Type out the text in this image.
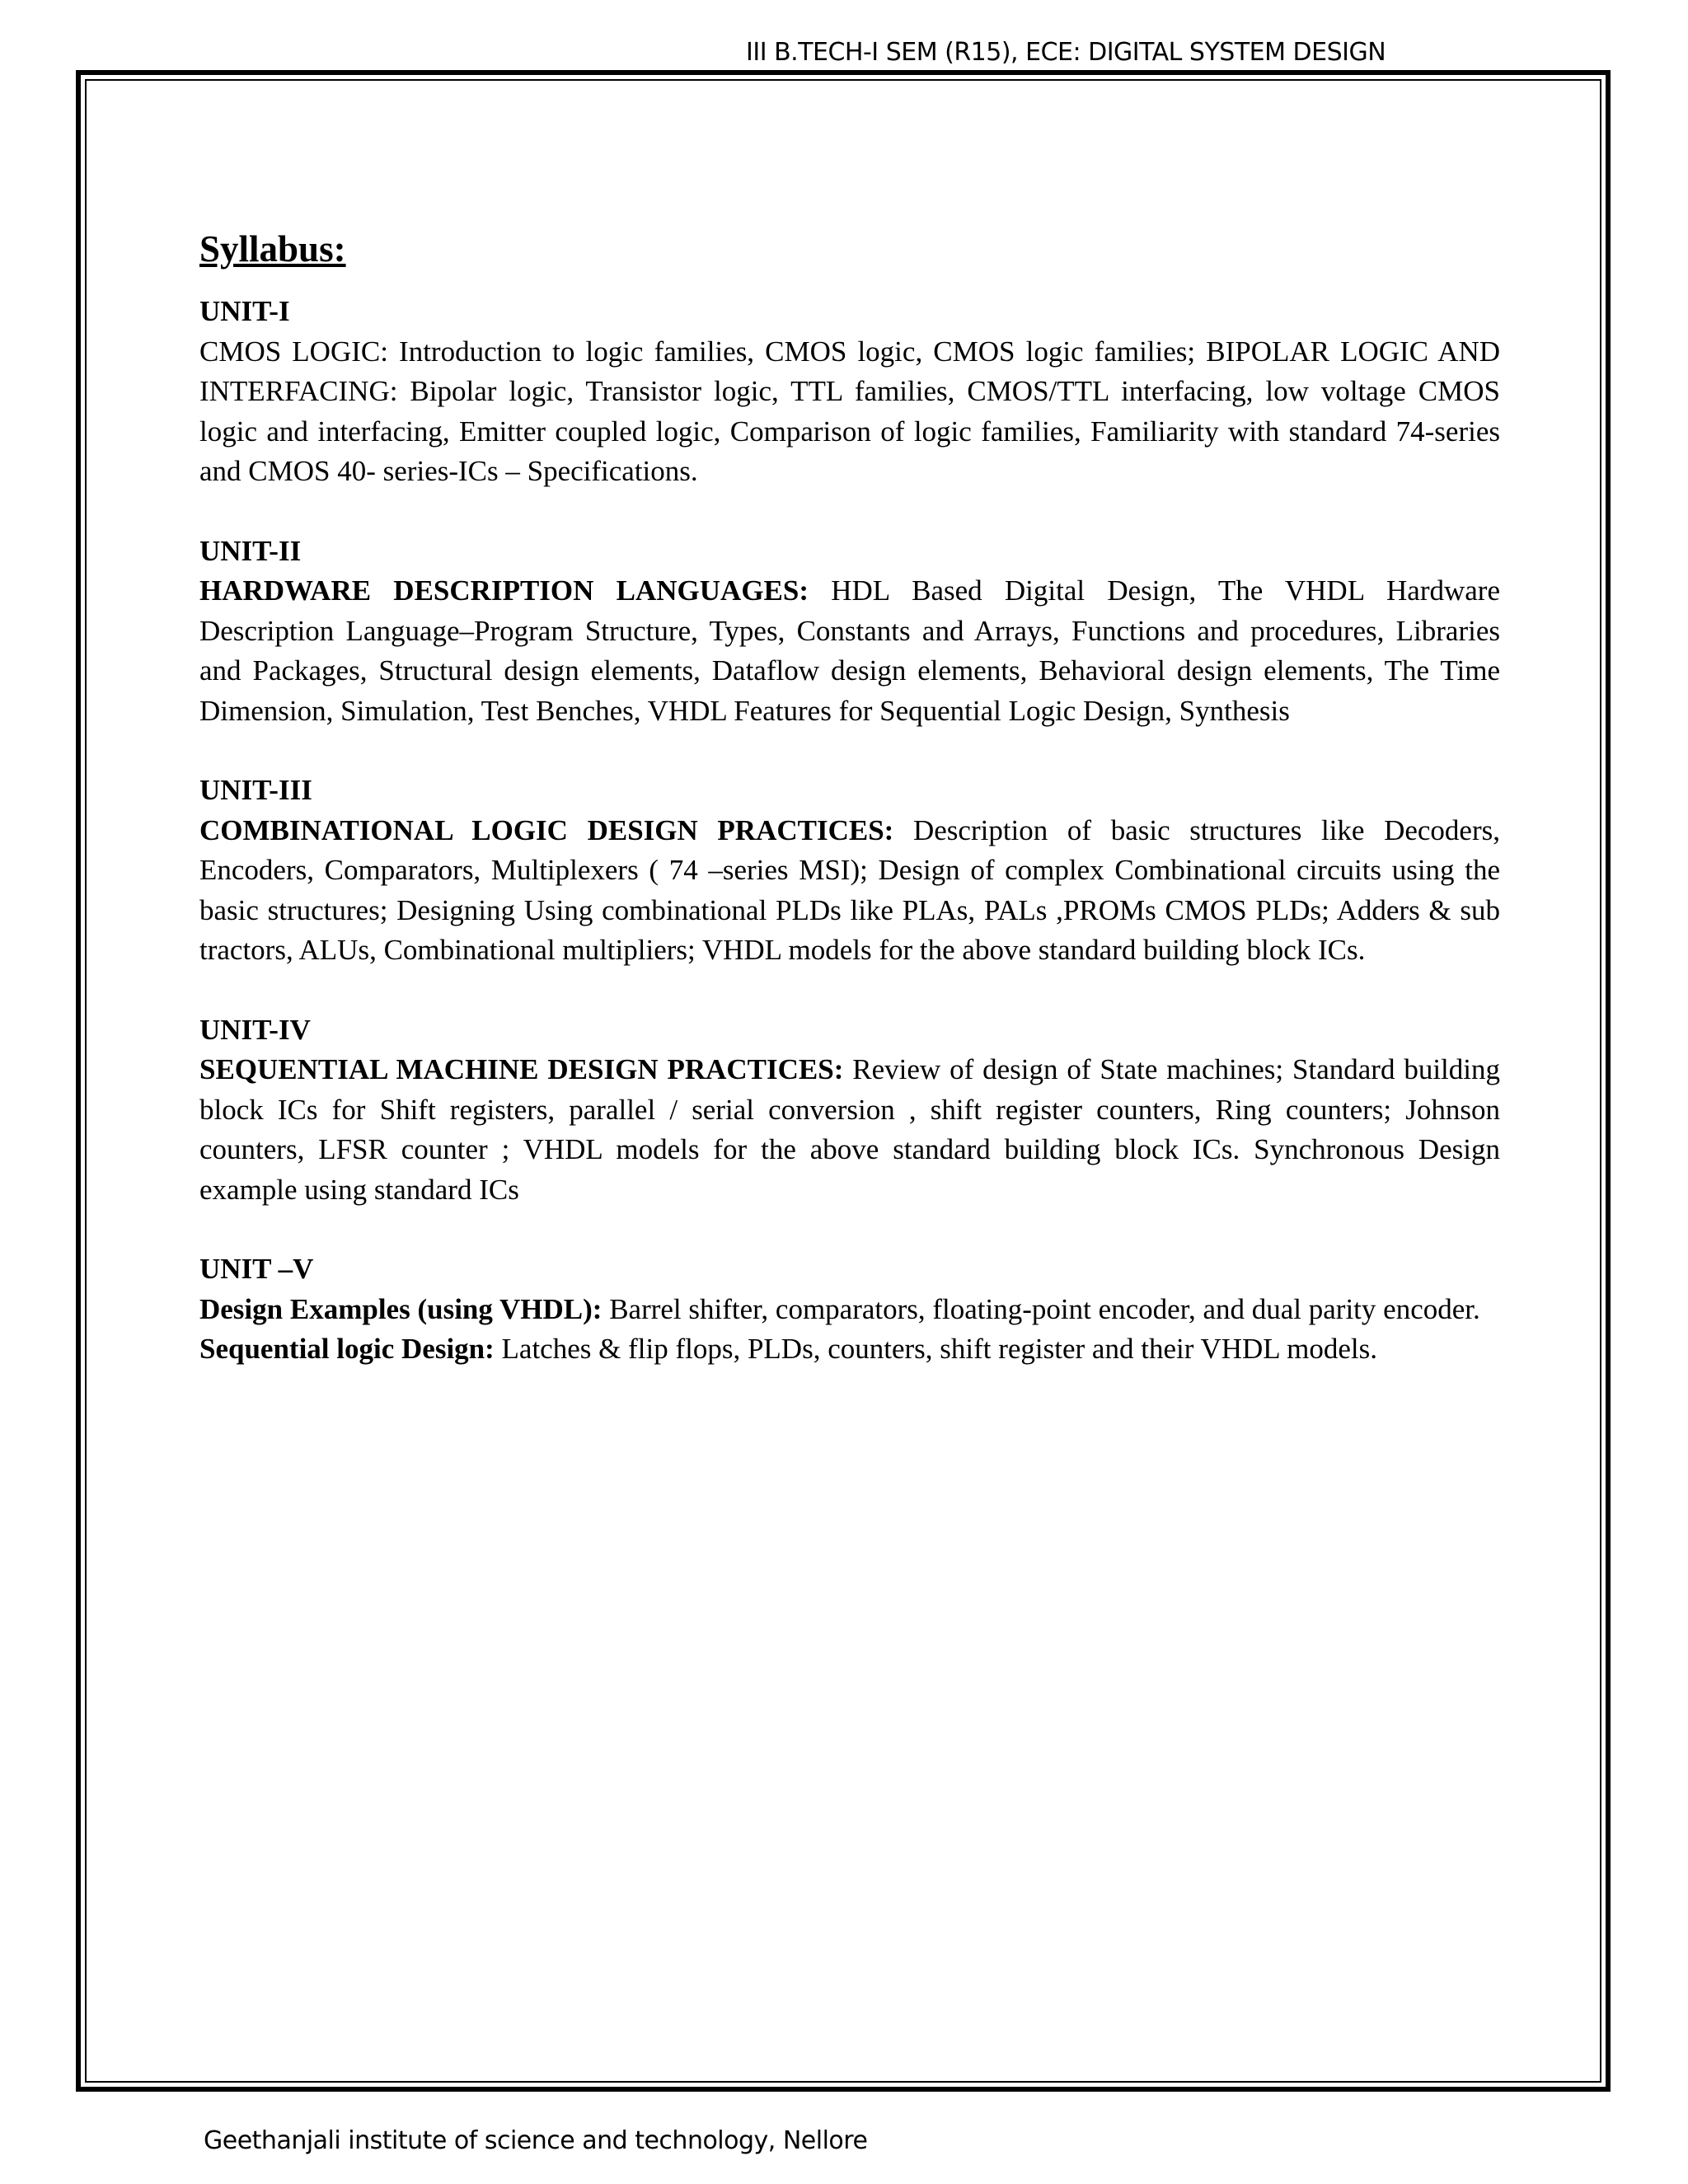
III B.TECH-I SEM (R15), ECE: DIGITAL SYSTEM DESIGN
Syllabus:
UNIT-I

CMOS LOGIC: Introduction to logic families, CMOS logic, CMOS logic families; BIPOLAR LOGIC AND INTERFACING: Bipolar logic, Transistor logic, TTL families, CMOS/TTL interfacing, low voltage CMOS logic and interfacing, Emitter coupled logic, Comparison of logic families, Familiarity with standard 74-series and CMOS 40- series-ICs – Specifications.

UNIT-II

HARDWARE DESCRIPTION LANGUAGES: HDL Based Digital Design, The VHDL Hardware Description Language–Program Structure, Types, Constants and Arrays, Functions and procedures, Libraries and Packages, Structural design elements, Dataflow design elements, Behavioral design elements, The Time Dimension, Simulation, Test Benches, VHDL Features for Sequential Logic Design, Synthesis

UNIT-III

COMBINATIONAL LOGIC DESIGN PRACTICES: Description of basic structures like Decoders, Encoders, Comparators, Multiplexers ( 74 –series MSI); Design of complex Combinational circuits using the basic structures; Designing Using combinational PLDs like PLAs, PALs ,PROMs CMOS PLDs; Adders & sub tractors, ALUs, Combinational multipliers; VHDL models for the above standard building block ICs.

UNIT-IV

SEQUENTIAL MACHINE DESIGN PRACTICES: Review of design of State machines; Standard building block ICs for Shift registers, parallel / serial conversion , shift register counters, Ring counters; Johnson counters, LFSR counter ; VHDL models for the above standard building block ICs. Synchronous Design example using standard ICs

UNIT –V

Design Examples (using VHDL): Barrel shifter, comparators, floating-point encoder, and dual parity encoder.

Sequential logic Design: Latches & flip flops, PLDs, counters, shift register and their VHDL models.

Geethanjali institute of science and technology, Nellore
